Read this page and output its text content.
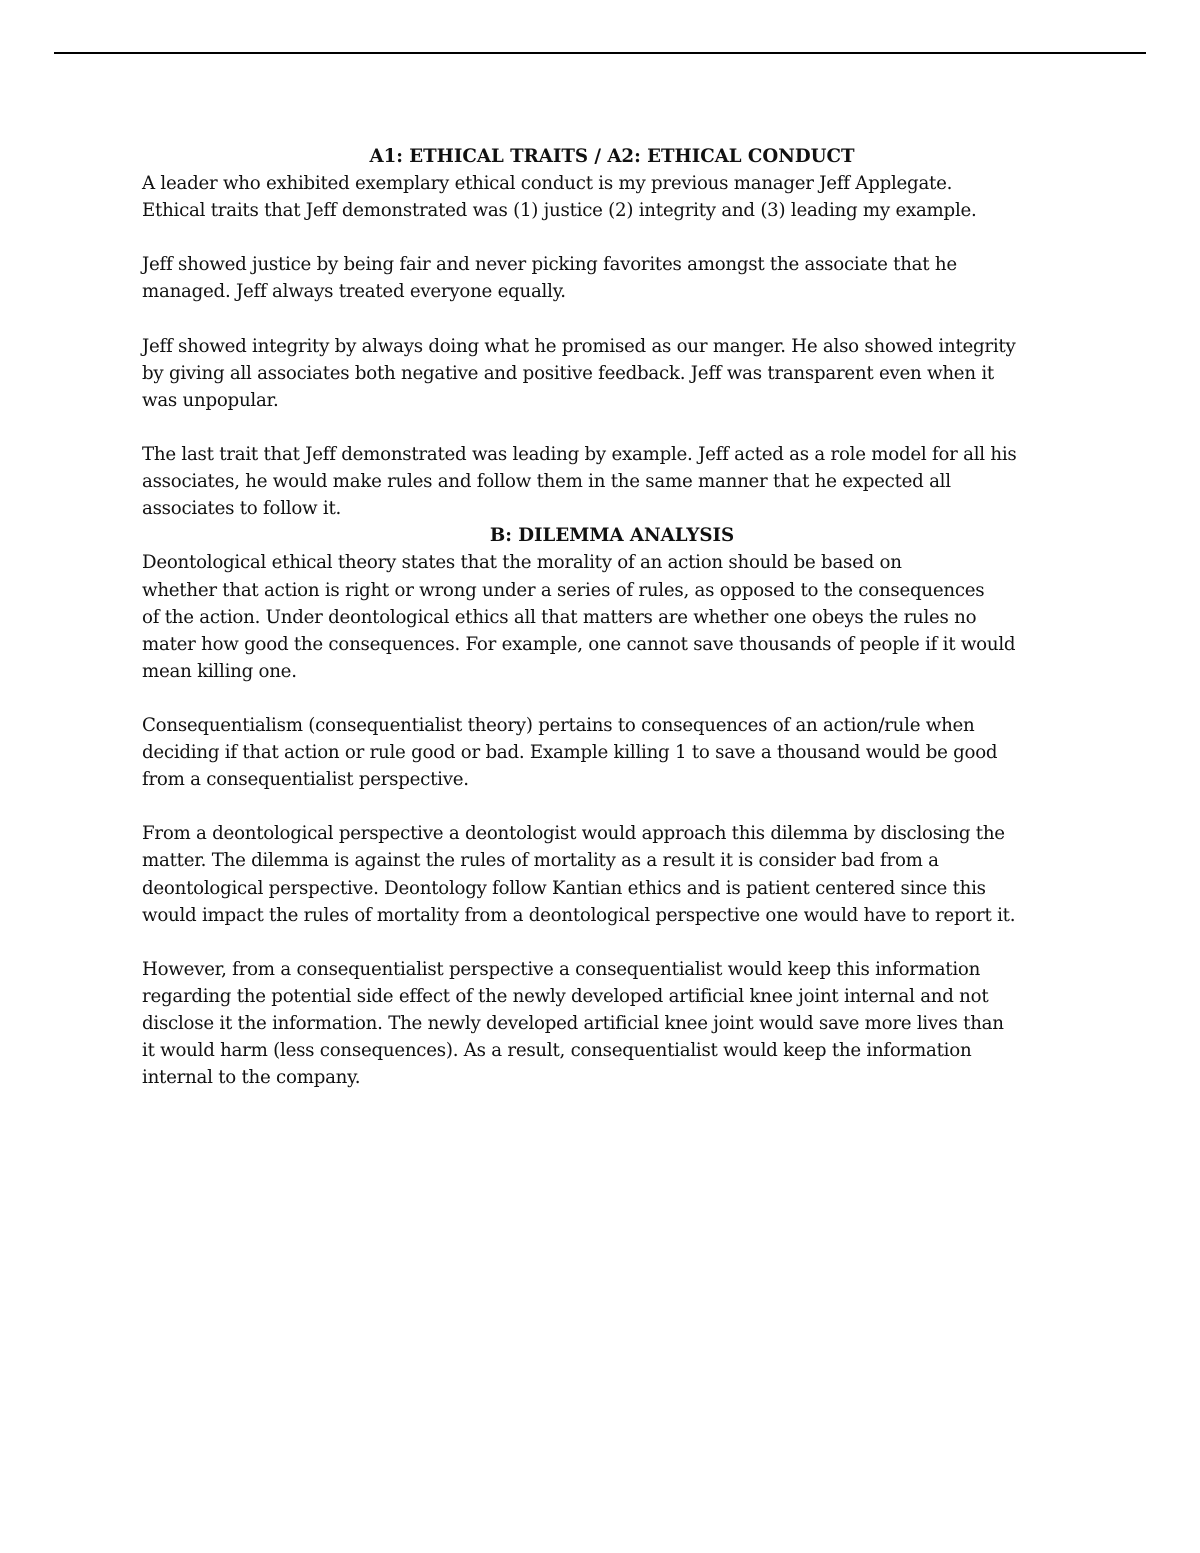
A1: ETHICAL TRAITS / A2: ETHICAL CONDUCT
A leader who exhibited exemplary ethical conduct is my previous manager Jeff Applegate.
Ethical traits that Jeff demonstrated was (1) justice (2) integrity and (3) leading my example.
Jeff showed justice by being fair and never picking favorites amongst the associate that he
managed. Jeff always treated everyone equally.
Jeff showed integrity by always doing what he promised as our manger. He also showed integrity
by giving all associates both negative and positive feedback. Jeff was transparent even when it
was unpopular.
The last trait that Jeff demonstrated was leading by example. Jeff acted as a role model for all his
associates, he would make rules and follow them in the same manner that he expected all
associates to follow it.
B: DILEMMA ANALYSIS
Deontological ethical theory states that the morality of an action should be based on
whether that action is right or wrong under a series of rules, as opposed to the consequences
of the action. Under deontological ethics all that matters are whether one obeys the rules no
mater how good the consequences. For example, one cannot save thousands of people if it would
mean killing one.
Consequentialism (consequentialist theory) pertains to consequences of an action/rule when
deciding if that action or rule good or bad. Example killing 1 to save a thousand would be good
from a consequentialist perspective.
From a deontological perspective a deontologist would approach this dilemma by disclosing the
matter. The dilemma is against the rules of mortality as a result it is consider bad from a
deontological perspective. Deontology follow Kantian ethics and is patient centered since this
would impact the rules of mortality from a deontological perspective one would have to report it.
However, from a consequentialist perspective a consequentialist would keep this information
regarding the potential side effect of the newly developed artificial knee joint internal and not
disclose it the information. The newly developed artificial knee joint would save more lives than
it would harm (less consequences). As a result, consequentialist would keep the information
internal to the company.
